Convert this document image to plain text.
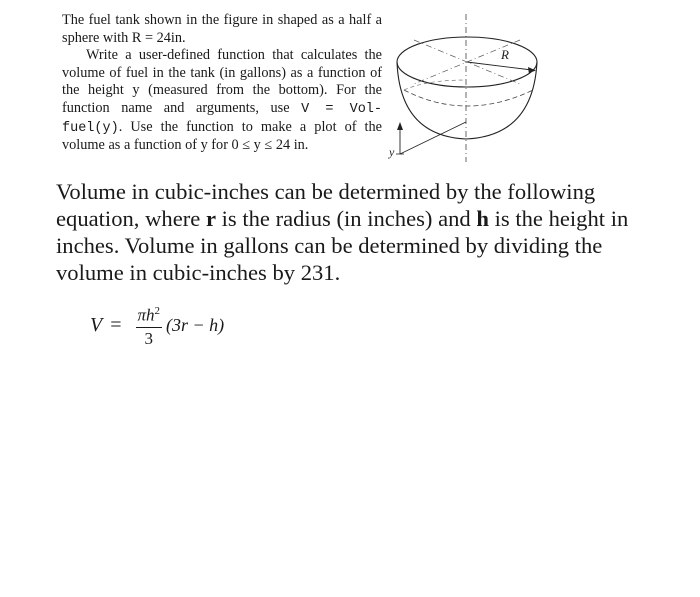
The fuel tank shown in the figure in shaped as a half a sphere with R = 24in.

Write a user-defined function that calculates the volume of fuel in the tank (in gallons) as a function of the height y (measured from the bottom). For the function name and arguments, use V = Vol-fuel(y). Use the function to make a plot of the volume as a function of y for 0 ≤ y ≤ 24 in.

R
y
Volume in cubic-inches can be determined by the following equation, where r is the radius (in inches) and h is the height in inches. Volume in gallons can be determined by dividing the volume in cubic-inches by 231.
$V = \frac{\pi h^2}{3} (3r - h)$
